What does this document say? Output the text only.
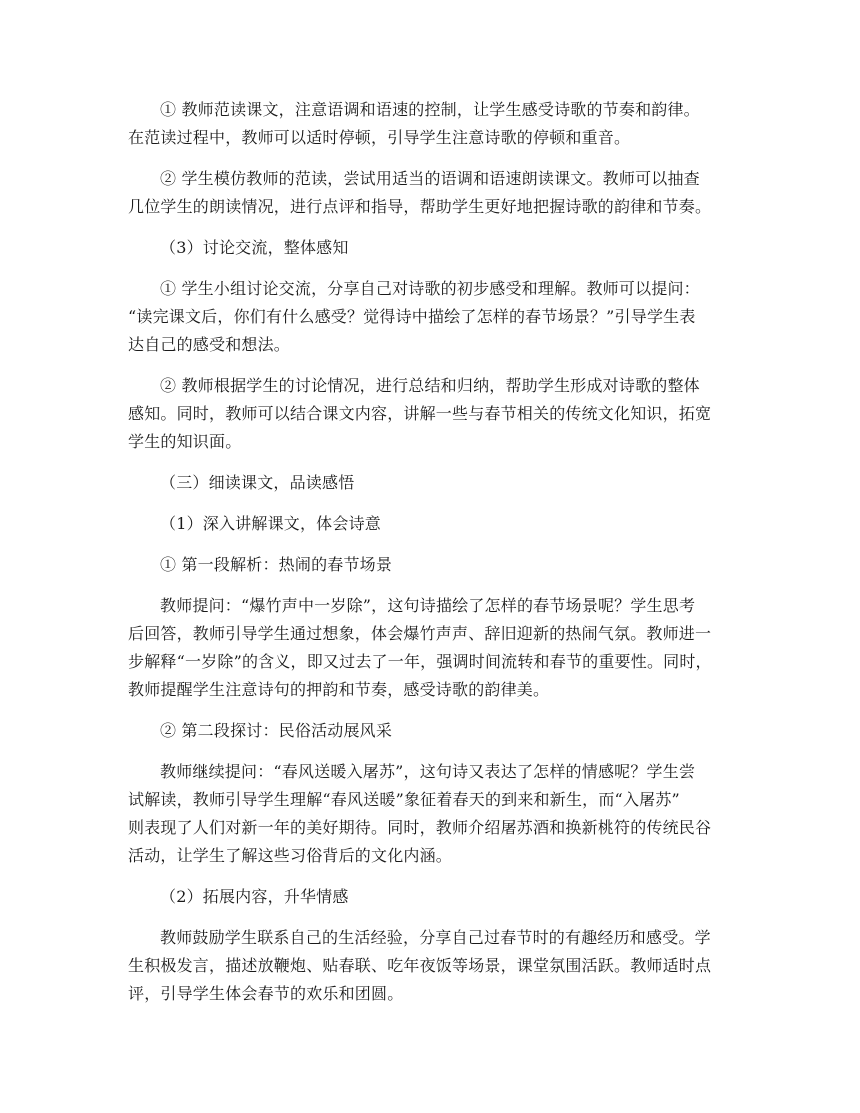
① 教师范读课文，注意语调和语速的控制，让学生感受诗歌的节奏和韵律。
在范读过程中，教师可以适时停顿，引导学生注意诗歌的停顿和重音。
② 学生模仿教师的范读，尝试用适当的语调和语速朗读课文。教师可以抽查
几位学生的朗读情况，进行点评和指导，帮助学生更好地把握诗歌的韵律和节奏。
（3）讨论交流，整体感知
① 学生小组讨论交流，分享自己对诗歌的初步感受和理解。教师可以提问：
“读完课文后，你们有什么感受？觉得诗中描绘了怎样的春节场景？”引导学生表
达自己的感受和想法。
② 教师根据学生的讨论情况，进行总结和归纳，帮助学生形成对诗歌的整体
感知。同时，教师可以结合课文内容，讲解一些与春节相关的传统文化知识，拓宽
学生的知识面。
（三）细读课文，品读感悟
（1）深入讲解课文，体会诗意
① 第一段解析：热闹的春节场景
教师提问：“爆竹声中一岁除”，这句诗描绘了怎样的春节场景呢？学生思考
后回答，教师引导学生通过想象，体会爆竹声声、辞旧迎新的热闹气氛。教师进一
步解释“一岁除”的含义，即又过去了一年，强调时间流转和春节的重要性。同时，
教师提醒学生注意诗句的押韵和节奏，感受诗歌的韵律美。
② 第二段探讨：民俗活动展风采
教师继续提问：“春风送暖入屠苏”，这句诗又表达了怎样的情感呢？学生尝
试解读，教师引导学生理解“春风送暖”象征着春天的到来和新生，而“入屠苏”
则表现了人们对新一年的美好期待。同时，教师介绍屠苏酒和换新桃符的传统民谷
活动，让学生了解这些习俗背后的文化内涵。
（2）拓展内容，升华情感
教师鼓励学生联系自己的生活经验，分享自己过春节时的有趣经历和感受。学
生积极发言，描述放鞭炮、贴春联、吃年夜饭等场景，课堂氛围活跃。教师适时点
评，引导学生体会春节的欢乐和团圆。
